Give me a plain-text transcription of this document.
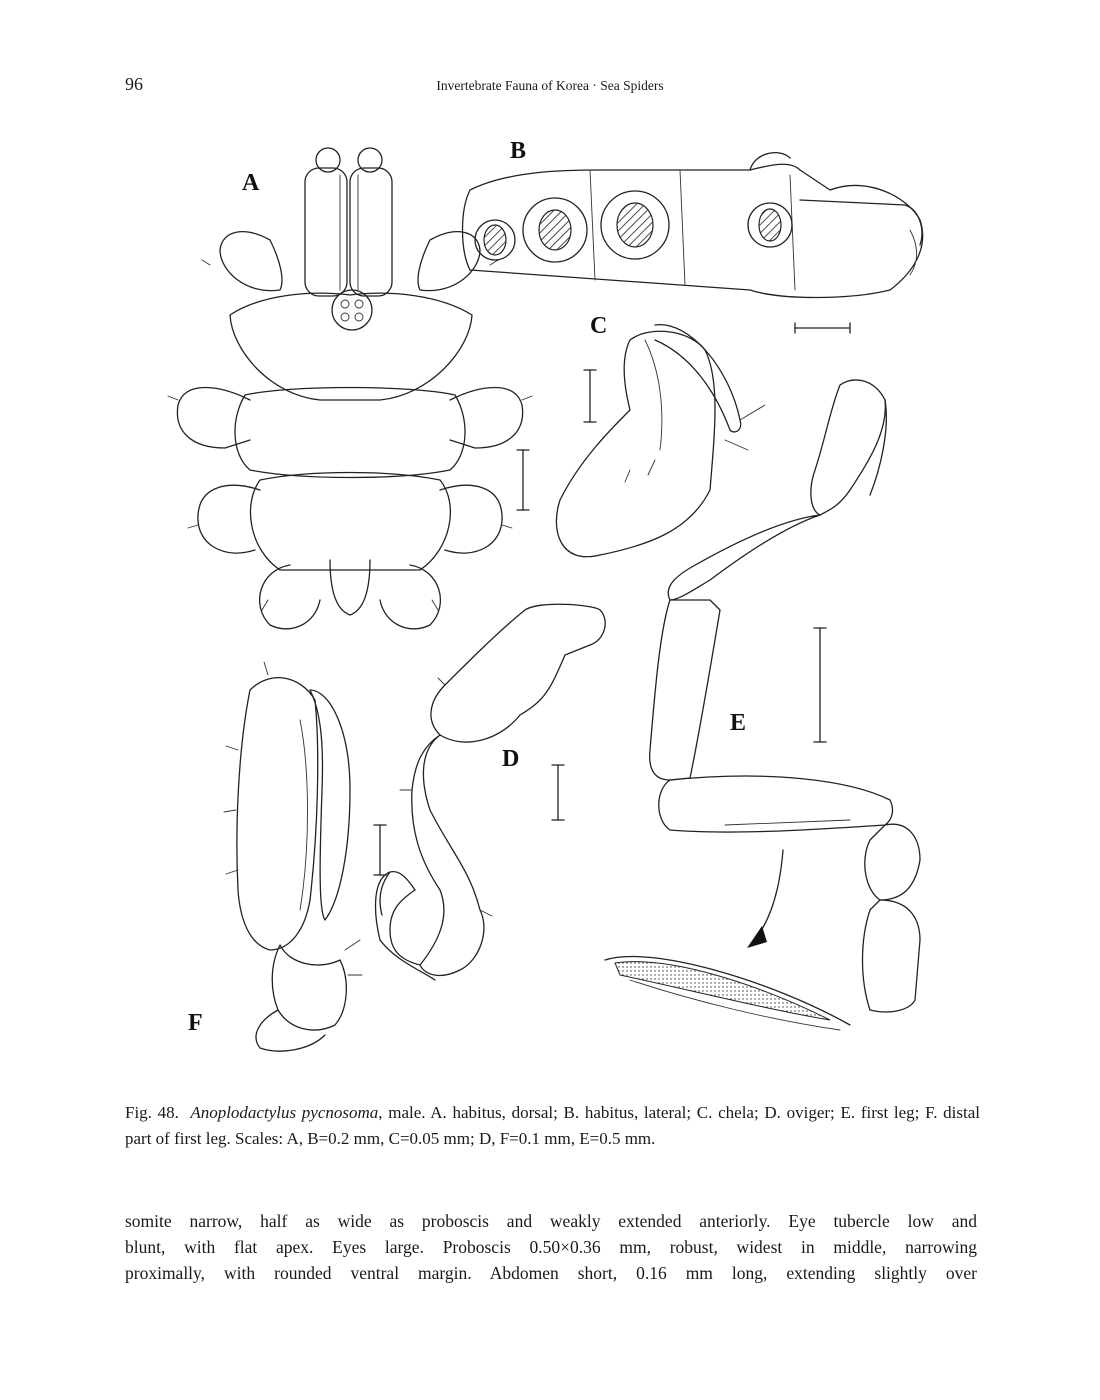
96	Invertebrate Fauna of Korea · Sea Spiders
A
B
C
D
E
F
Fig. 48. Anoplodactylus pycnosoma, male. A. habitus, dorsal; B. habitus, lateral; C. chela; D. oviger; E. first leg; F. distal part of first leg. Scales: A, B=0.2 mm, C=0.05 mm; D, F=0.1 mm, E=0.5 mm.
somite narrow, half as wide as proboscis and weakly extended anteriorly. Eye tubercle low and
blunt, with flat apex. Eyes large. Proboscis 0.50×0.36 mm, robust, widest in middle, narrowing
proximally, with rounded ventral margin. Abdomen short, 0.16 mm long, extending slightly over
